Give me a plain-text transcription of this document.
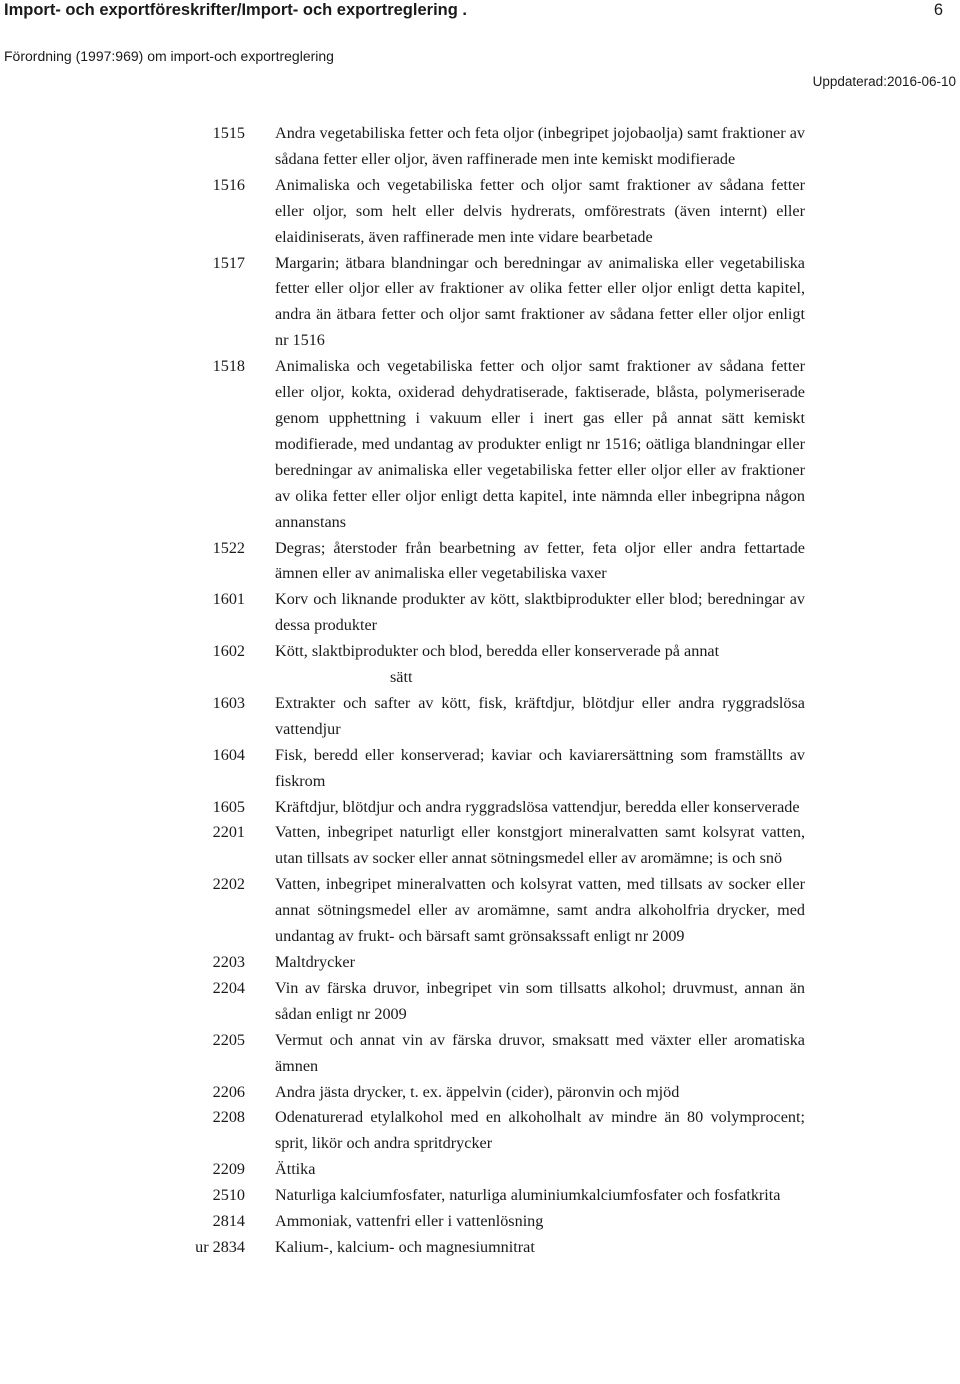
Import- och exportföreskrifter/Import- och exportreglering .	6
Förordning (1997:969) om import-och exportreglering
Uppdaterad:2016-06-10
1515 Andra vegetabiliska fetter och feta oljor (inbegripet jojobaolja) samt fraktioner av sådana fetter eller oljor, även raffinerade men inte kemiskt modifierade
1516 Animaliska och vegetabiliska fetter och oljor samt fraktioner av sådana fetter eller oljor, som helt eller delvis hydrerats, omförestrats (även internt) eller elaidiniserats, även raffinerade men inte vidare bearbetade
1517 Margarin; ätbara blandningar och beredningar av animaliska eller vegetabiliska fetter eller oljor eller av fraktioner av olika fetter eller oljor enligt detta kapitel, andra än ätbara fetter och oljor samt fraktioner av sådana fetter eller oljor enligt nr 1516
1518 Animaliska och vegetabiliska fetter och oljor samt fraktioner av sådana fetter eller oljor, kokta, oxiderad dehydratiserade, faktiserade, blåsta, polymeriserade genom upphettning i vakuum eller i inert gas eller på annat sätt kemiskt modifierade, med undantag av produkter enligt nr 1516; oätliga blandningar eller beredningar av animaliska eller vegetabiliska fetter eller oljor eller av fraktioner av olika fetter eller oljor enligt detta kapitel, inte nämnda eller inbegripna någon annanstans
1522 Degras; återstoder från bearbetning av fetter, feta oljor eller andra fettartade ämnen eller av animaliska eller vegetabiliska vaxer
1601 Korv och liknande produkter av kött, slaktbiprodukter eller blod; beredningar av dessa produkter
1602 Kött, slaktbiprodukter och blod, beredda eller konserverade på annat
sätt
1603 Extrakter och safter av kött, fisk, kräftdjur, blötdjur eller andra ryggradslösa vattendjur
1604 Fisk, beredd eller konserverad; kaviar och kaviarersättning som framställts av fiskrom
1605 Kräftdjur, blötdjur och andra ryggradslösa vattendjur, beredda eller konserverade
2201 Vatten, inbegripet naturligt eller konstgjort mineralvatten samt kolsyrat vatten, utan tillsats av socker eller annat sötningsmedel eller av aromämne; is och snö
2202 Vatten, inbegripet mineralvatten och kolsyrat vatten, med tillsats av socker eller annat sötningsmedel eller av aromämne, samt andra alkoholfria drycker, med undantag av frukt- och bärsaft samt grönsakssaft enligt nr 2009
2203 Maltdrycker
2204 Vin av färska druvor, inbegripet vin som tillsatts alkohol; druvmust, annan än sådan enligt nr 2009
2205 Vermut och annat vin av färska druvor, smaksatt med växter eller aromatiska ämnen
2206 Andra jästa drycker, t. ex. äppelvin (cider), päronvin och mjöd
2208 Odenaturerad etylalkohol med en alkoholhalt av mindre än 80 volymprocent; sprit, likör och andra spritdrycker
2209 Ättika
2510 Naturliga kalciumfosfater, naturliga aluminiumkalciumfosfater och fosfatkrita
2814 Ammoniak, vattenfri eller i vattenlösning
ur 2834 Kalium-, kalcium- och magnesiumnitrat
